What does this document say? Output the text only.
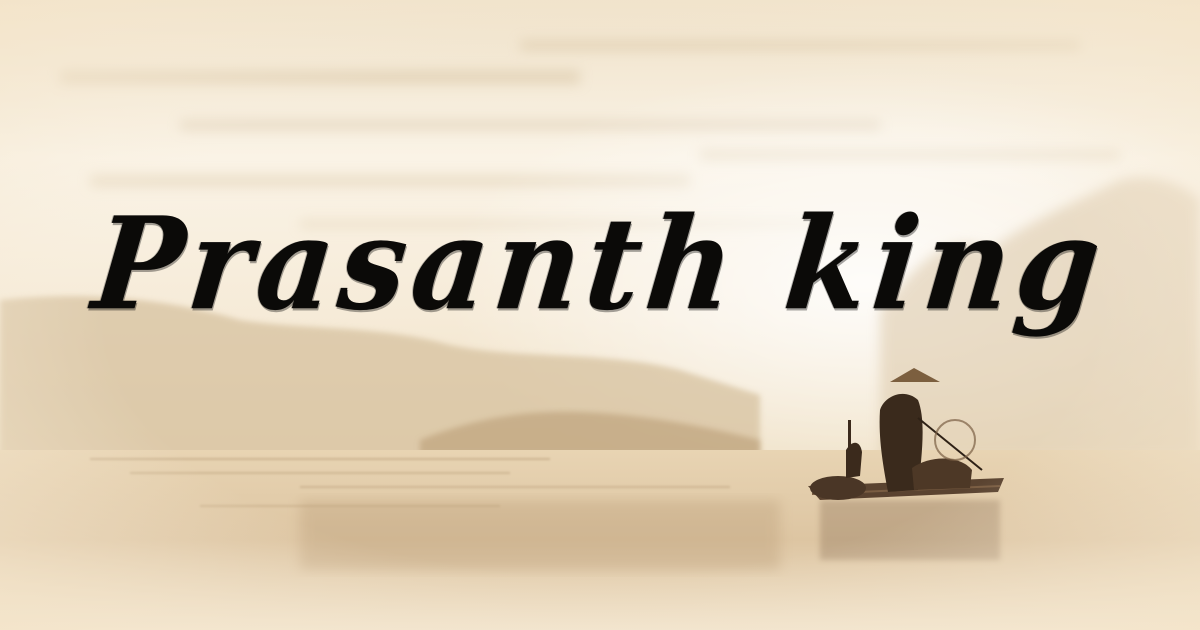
Prasanth king
